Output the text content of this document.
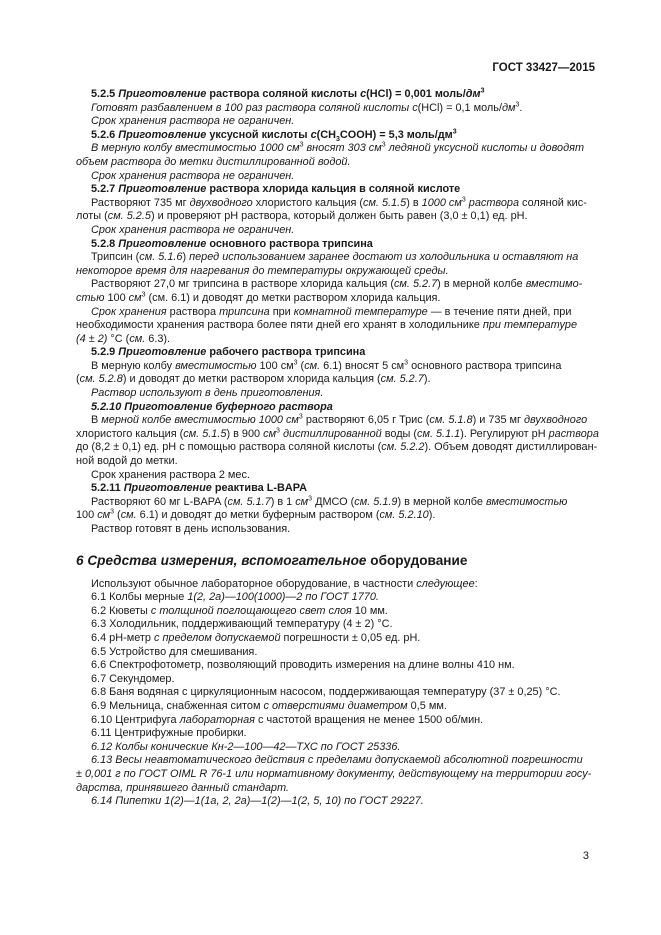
ГОСТ 33427—2015

5.2.5 Приготовление раствора соляной кислоты c(HCl) = 0,001 моль/$дм^3$

Готовят разбавлением в 100 раз раствора соляной кислоты c(HCl) = 0,1 моль/$дм^3$.

Срок хранения раствора не ограничен.

5.2.6 Приготовление уксусной кислоты $c(CH_3COOH) = 5,3$ моль/$дм^3$

В мерную колбу вместимостью 1000 $см^3$ вносят 303 $см^3$ ледяной уксусной кислоты и доводят

объем раствора до метки дистиллированной водой.

Срок хранения раствора не ограничен.

5.2.7 Приготовление раствора хлорида кальция в соляной кислоте

Растворяют 735 мг двухводного хлористого кальция (см. 5.1.5) в 1000 $см^3$ раствора соляной кис-

лоты (см. 5.2.5) и проверяют pH раствора, который должен быть равен (3,0 ± 0,1) ед. pH.

Срок хранения раствора не ограничен.

5.2.8 Приготовление основного раствора трипсина

Трипсин (см. 5.1.6) перед использованием заранее достают из холодильника и оставляют на

некоторое время для нагревания до температуры окружающей среды.

Растворяют 27,0 мг трипсина в растворе хлорида кальция (см. 5.2.7) в мерной колбе вместимо-

стью 100 $см^3$ (см. 6.1) и доводят до метки раствором хлорида кальция.

Срок хранения раствора трипсина при комнатной температуре — в течение пяти дней, при

необходимости хранения раствора более пяти дней его хранят в холодильнике при температуре

(4 ± 2) °C (см. 6.3).

5.2.9 Приготовление рабочего раствора трипсина

В мерную колбу вместимостью 100 $см^3$ (см. 6.1) вносят 5 $см^3$ основного раствора трипсина

(см. 5.2.8) и доводят до метки раствором хлорида кальция (см. 5.2.7).

Раствор используют в день приготовления.

5.2.10 Приготовление буферного раствора

В мерной колбе вместимостью 1000 $см^3$ растворяют 6,05 г Трис (см. 5.1.8) и 735 мг двухводного

хлористого кальция (см. 5.1.5) в 900 $см^3$ дистиллированной воды (см. 5.1.1). Регулируют pH раствора

до (8,2 ± 0,1) ед. pH с помощью раствора соляной кислоты (см. 5.2.2). Объем доводят дистиллирован-

ной водой до метки.

Срок хранения раствора 2 мес.

5.2.11 Приготовление реактива L-BAPA

Растворяют 60 мг L-BAPA (см. 5.1.7) в 1 $см^3$ ДМСО (см. 5.1.9) в мерной колбе вместимостью

100 $см^3$ (см. 6.1) и доводят до метки буферным раствором (см. 5.2.10).

Раствор готовят в день использования.

6 Средства измерения, вспомогательное оборудование

Используют обычное лабораторное оборудование, в частности следующее:

6.1 Колбы мерные 1(2, 2а)—100(1000)—2 по ГОСТ 1770.

6.2 Кюветы с толщиной поглощающего свет слоя 10 мм.

6.3 Холодильник, поддерживающий температуру (4 ± 2) °C.

6.4 pH-метр с пределом допускаемой погрешности ± 0,05 ед. pH.

6.5 Устройство для смешивания.

6.6 Спектрофотометр, позволяющий проводить измерения на длине волны 410 нм.

6.7 Секундомер.

6.8 Баня водяная с циркуляционным насосом, поддерживающая температуру (37 ± 0,25) °C.

6.9 Мельница, снабженная ситом с отверстиями диаметром 0,5 мм.

6.10 Центрифуга лабораторная с частотой вращения не менее 1500 об/мин.

6.11 Центрифужные пробирки.

6.12 Колбы конические Кн-2—100—42—ТХС по ГОСТ 25336.

6.13 Весы неавтоматического действия с пределами допускаемой абсолютной погрешности

± 0,001 г по ГОСТ OIML R 76-1 или нормативному документу, действующему на территории госу-

дарства, принявшего данный стандарт.

6.14 Пипетки 1(2)—1(1а, 2, 2а)—1(2)—1(2, 5, 10) по ГОСТ 29227.

3
